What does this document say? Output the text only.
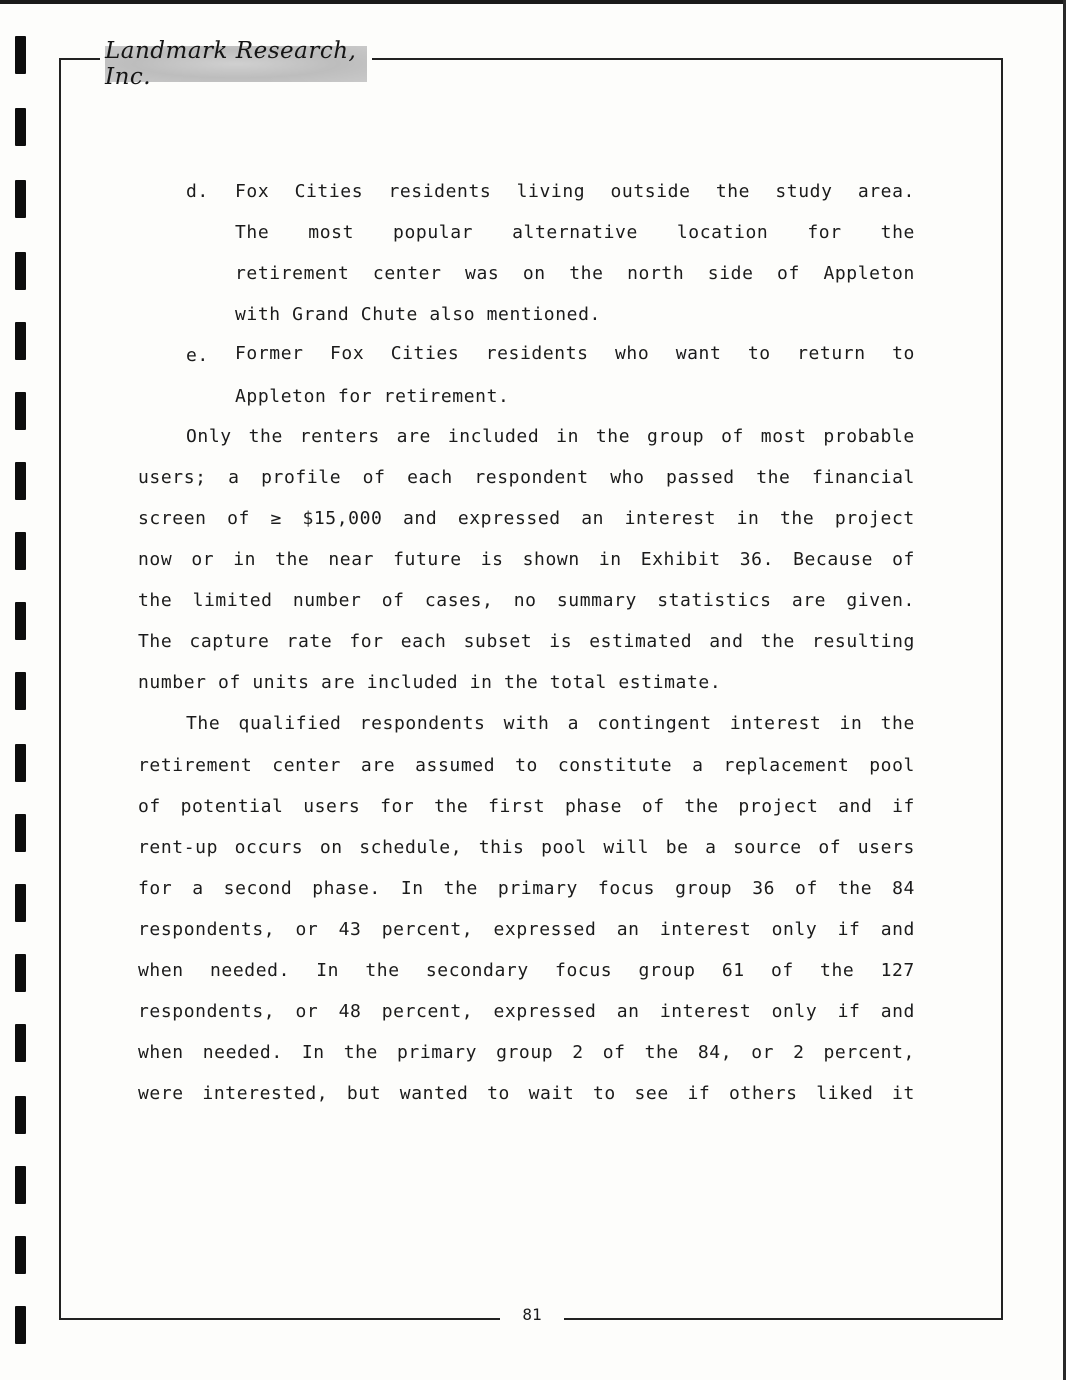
Landmark Research, Inc.
d. Fox Cities residents living outside the study area.
The most popular alternative location for the
retirement center was on the north side of Appleton
with Grand Chute also mentioned.
e. Former Fox Cities residents who want to return to
Appleton for retirement.
Only the renters are included in the group of most probable
users; a profile of each respondent who passed the financial
screen of ≥ $15,000 and expressed an interest in the project
now or in the near future is shown in Exhibit 36. Because of
the limited number of cases, no summary statistics are given.
The capture rate for each subset is estimated and the resulting
number of units are included in the total estimate.
The qualified respondents with a contingent interest in the
retirement center are assumed to constitute a replacement pool
of potential users for the first phase of the project and if
rent-up occurs on schedule, this pool will be a source of users
for a second phase. In the primary focus group 36 of the 84
respondents, or 43 percent, expressed an interest only if and
when needed. In the secondary focus group 61 of the 127
respondents, or 48 percent, expressed an interest only if and
when needed. In the primary group 2 of the 84, or 2 percent,
were interested, but wanted to wait to see if others liked it
81
